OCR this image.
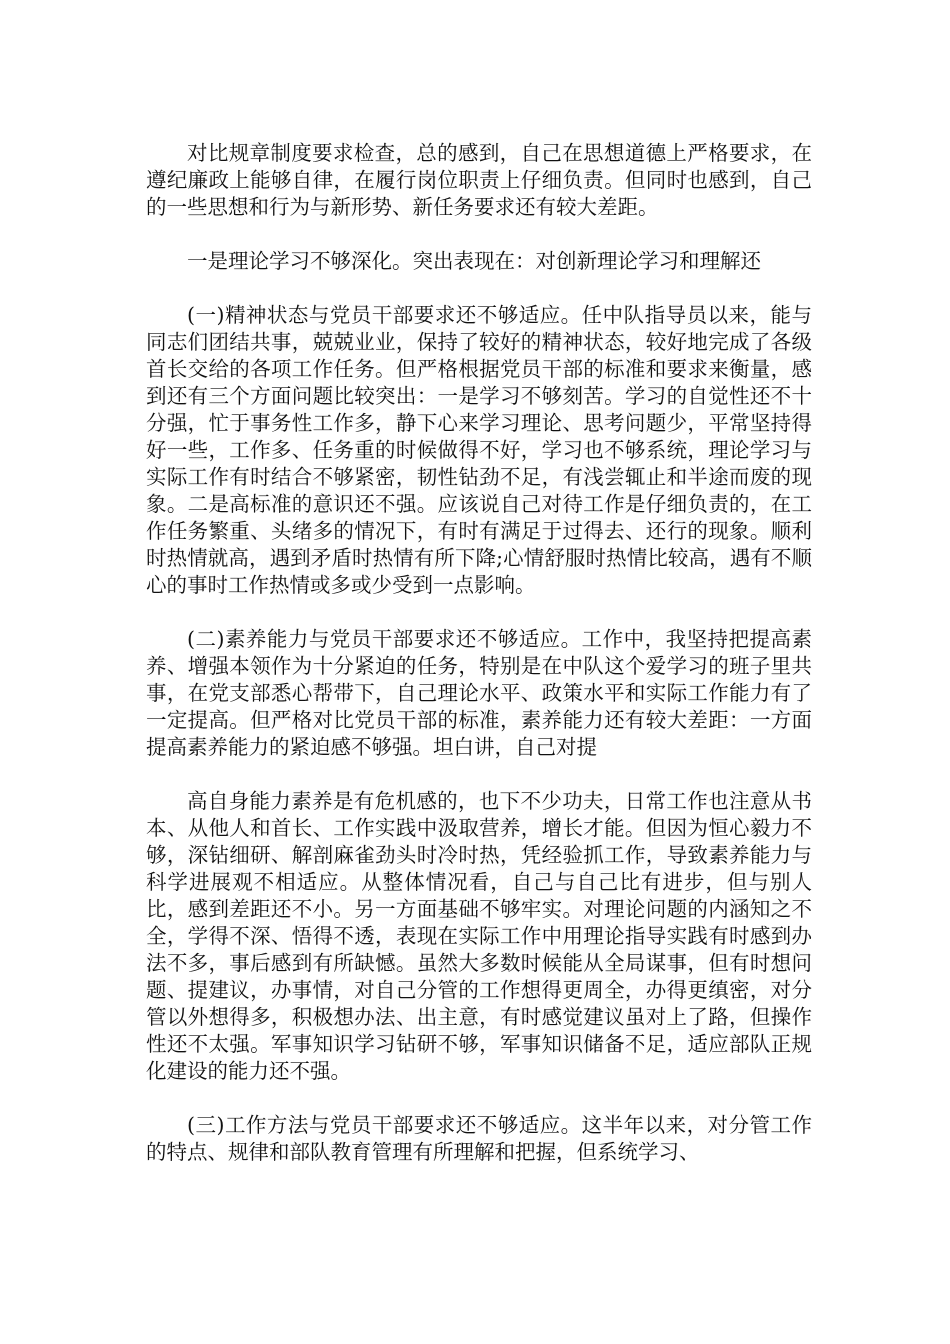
对比规章制度要求检查，总的感到，自己在思想道德上严格要求，在遵纪廉政上能够自律，在履行岗位职责上仔细负责。但同时也感到，自己的一些思想和行为与新形势、新任务要求还有较大差距。

一是理论学习不够深化。突出表现在：对创新理论学习和理解还

(一)精神状态与党员干部要求还不够适应。任中队指导员以来，能与同志们团结共事，兢兢业业，保持了较好的精神状态，较好地完成了各级首长交给的各项工作任务。但严格根据党员干部的标准和要求来衡量，感到还有三个方面问题比较突出：一是学习不够刻苦。学习的自觉性还不十分强，忙于事务性工作多，静下心来学习理论、思考问题少，平常坚持得好一些，工作多、任务重的时候做得不好，学习也不够系统，理论学习与实际工作有时结合不够紧密，韧性钻劲不足，有浅尝辄止和半途而废的现象。二是高标准的意识还不强。应该说自己对待工作是仔细负责的，在工作任务繁重、头绪多的情况下，有时有满足于过得去、还行的现象。顺利时热情就高，遇到矛盾时热情有所下降;心情舒服时热情比较高，遇有不顺心的事时工作热情或多或少受到一点影响。

(二)素养能力与党员干部要求还不够适应。工作中，我坚持把提高素养、增强本领作为十分紧迫的任务，特别是在中队这个爱学习的班子里共事，在党支部悉心帮带下，自己理论水平、政策水平和实际工作能力有了一定提高。但严格对比党员干部的标准，素养能力还有较大差距：一方面提高素养能力的紧迫感不够强。坦白讲，自己对提

高自身能力素养是有危机感的，也下不少功夫，日常工作也注意从书本、从他人和首长、工作实践中汲取营养，增长才能。但因为恒心毅力不够，深钻细研、解剖麻雀劲头时冷时热，凭经验抓工作，导致素养能力与科学进展观不相适应。从整体情况看，自己与自己比有进步，但与别人比，感到差距还不小。另一方面基础不够牢实。对理论问题的内涵知之不全，学得不深、悟得不透，表现在实际工作中用理论指导实践有时感到办法不多，事后感到有所缺憾。虽然大多数时候能从全局谋事，但有时想问题、提建议，办事情，对自己分管的工作想得更周全，办得更缜密，对分管以外想得多，积极想办法、出主意，有时感觉建议虽对上了路，但操作性还不太强。军事知识学习钻研不够，军事知识储备不足，适应部队正规化建设的能力还不强。

(三)工作方法与党员干部要求还不够适应。这半年以来，对分管工作的特点、规律和部队教育管理有所理解和把握，但系统学习、
